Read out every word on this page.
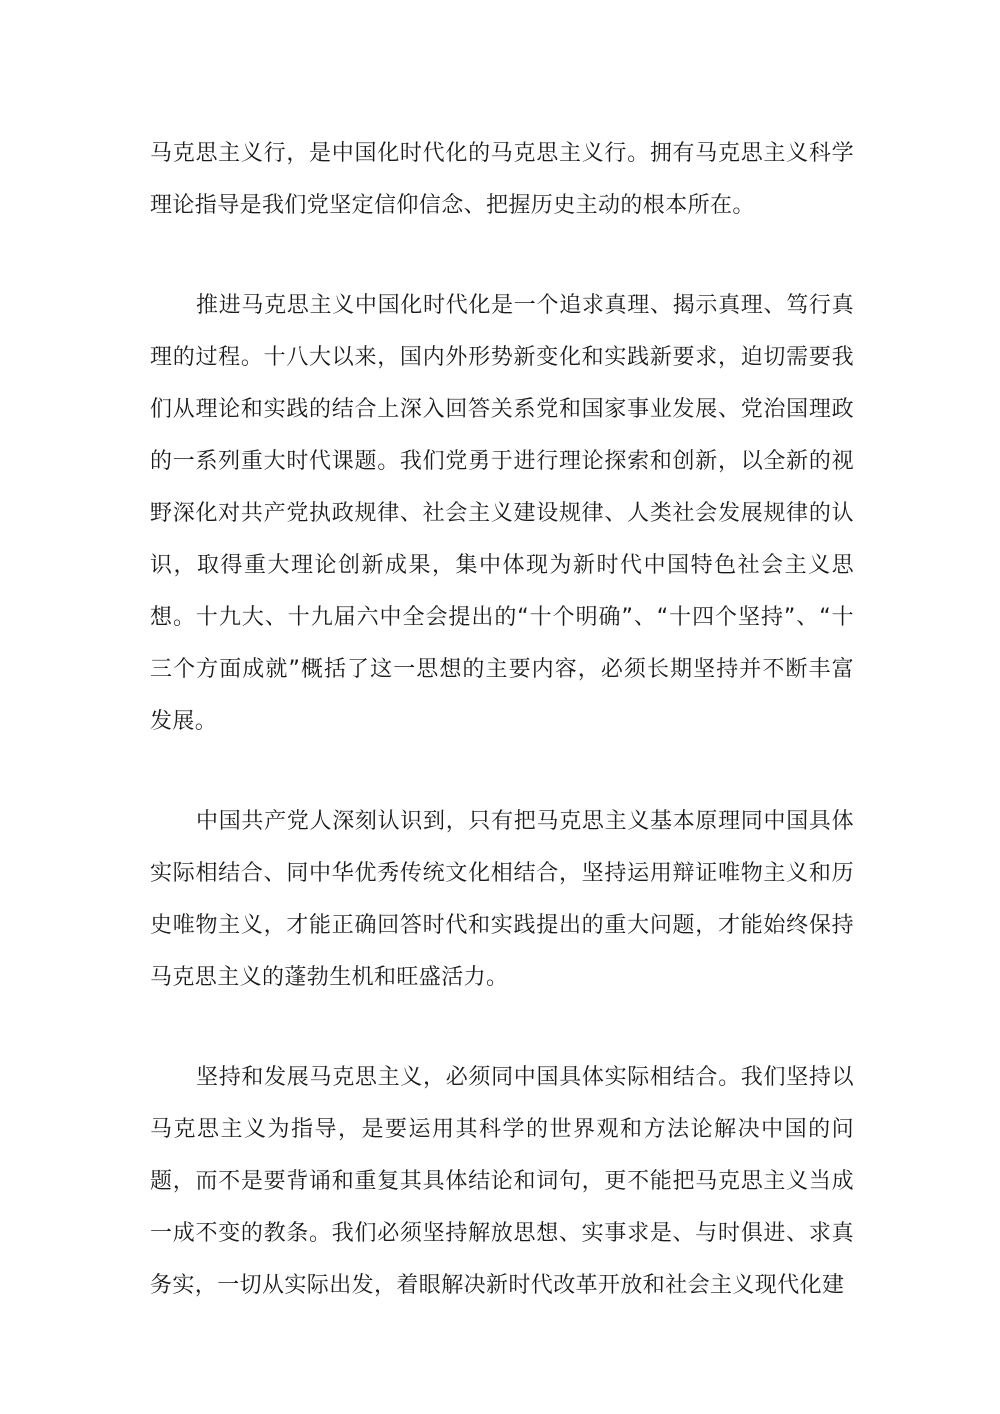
马克思主义行，是中国化时代化的马克思主义行。拥有马克思主义科学理论指导是我们党坚定信仰信念、把握历史主动的根本所在。

推进马克思主义中国化时代化是一个追求真理、揭示真理、笃行真理的过程。十八大以来，国内外形势新变化和实践新要求，迫切需要我们从理论和实践的结合上深入回答关系党和国家事业发展、党治国理政的一系列重大时代课题。我们党勇于进行理论探索和创新，以全新的视野深化对共产党执政规律、社会主义建设规律、人类社会发展规律的认识，取得重大理论创新成果，集中体现为新时代中国特色社会主义思想。十九大、十九届六中全会提出的“十个明确”、“十四个坚持”、“十三个方面成就”概括了这一思想的主要内容，必须长期坚持并不断丰富发展。

中国共产党人深刻认识到，只有把马克思主义基本原理同中国具体实际相结合、同中华优秀传统文化相结合，坚持运用辩证唯物主义和历史唯物主义，才能正确回答时代和实践提出的重大问题，才能始终保持马克思主义的蓬勃生机和旺盛活力。

坚持和发展马克思主义，必须同中国具体实际相结合。我们坚持以马克思主义为指导，是要运用其科学的世界观和方法论解决中国的问题，而不是要背诵和重复其具体结论和词句，更不能把马克思主义当成一成不变的教条。我们必须坚持解放思想、实事求是、与时俱进、求真务实，一切从实际出发，着眼解决新时代改革开放和社会主义现代化建
